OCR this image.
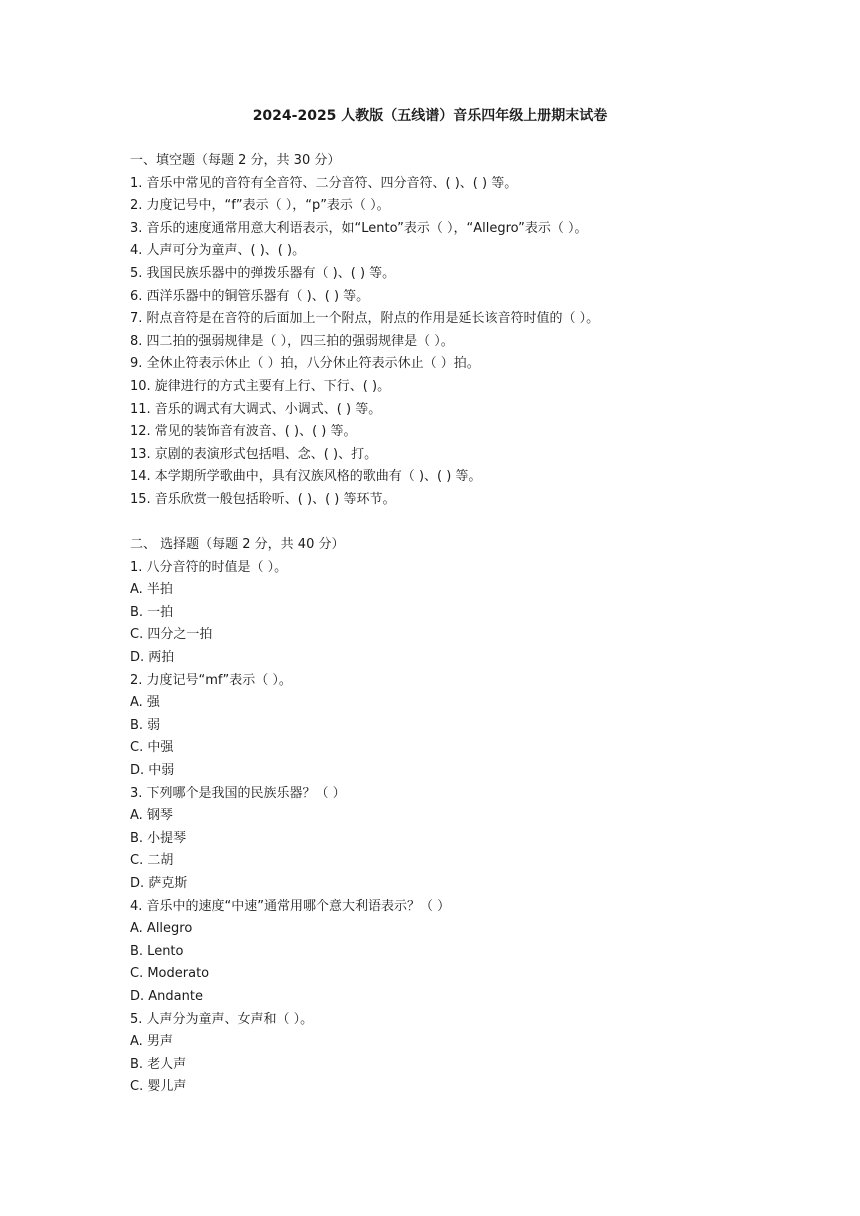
2024-2025 人教版（五线谱）音乐四年级上册期末试卷
一、填空题（每题 2 分，共 30 分）
1. 音乐中常见的音符有全音符、二分音符、四分音符、( )、( ) 等。
2. 力度记号中，“f”表示（ ），“p”表示（ ）。
3. 音乐的速度通常用意大利语表示，如“Lento”表示（ ），“Allegro”表示（ ）。
4. 人声可分为童声、( )、( )。
5. 我国民族乐器中的弹拨乐器有（ )、( ) 等。
6. 西洋乐器中的铜管乐器有（ )、( ) 等。
7. 附点音符是在音符的后面加上一个附点，附点的作用是延长该音符时值的（ ）。
8. 四二拍的强弱规律是（ ），四三拍的强弱规律是（ ）。
9. 全休止符表示休止（ ）拍，八分休止符表示休止（ ）拍。
10. 旋律进行的方式主要有上行、下行、( )。
11. 音乐的调式有大调式、小调式、( ) 等。
12. 常见的装饰音有波音、( )、( ) 等。
13. 京剧的表演形式包括唱、念、( )、打。
14. 本学期所学歌曲中，具有汉族风格的歌曲有（ )、( ) 等。
15. 音乐欣赏一般包括聆听、( )、( ) 等环节。
二、 选择题（每题 2 分，共 40 分）
1. 八分音符的时值是（ ）。
A. 半拍
B. 一拍
C. 四分之一拍
D. 两拍
2. 力度记号“mf”表示（ ）。
A. 强
B. 弱
C. 中强
D. 中弱
3. 下列哪个是我国的民族乐器？（ ）
A. 钢琴
B. 小提琴
C. 二胡
D. 萨克斯
4. 音乐中的速度“中速”通常用哪个意大利语表示？（ ）
A. Allegro
B. Lento
C. Moderato
D. Andante
5. 人声分为童声、女声和（ ）。
A. 男声
B. 老人声
C. 婴儿声
